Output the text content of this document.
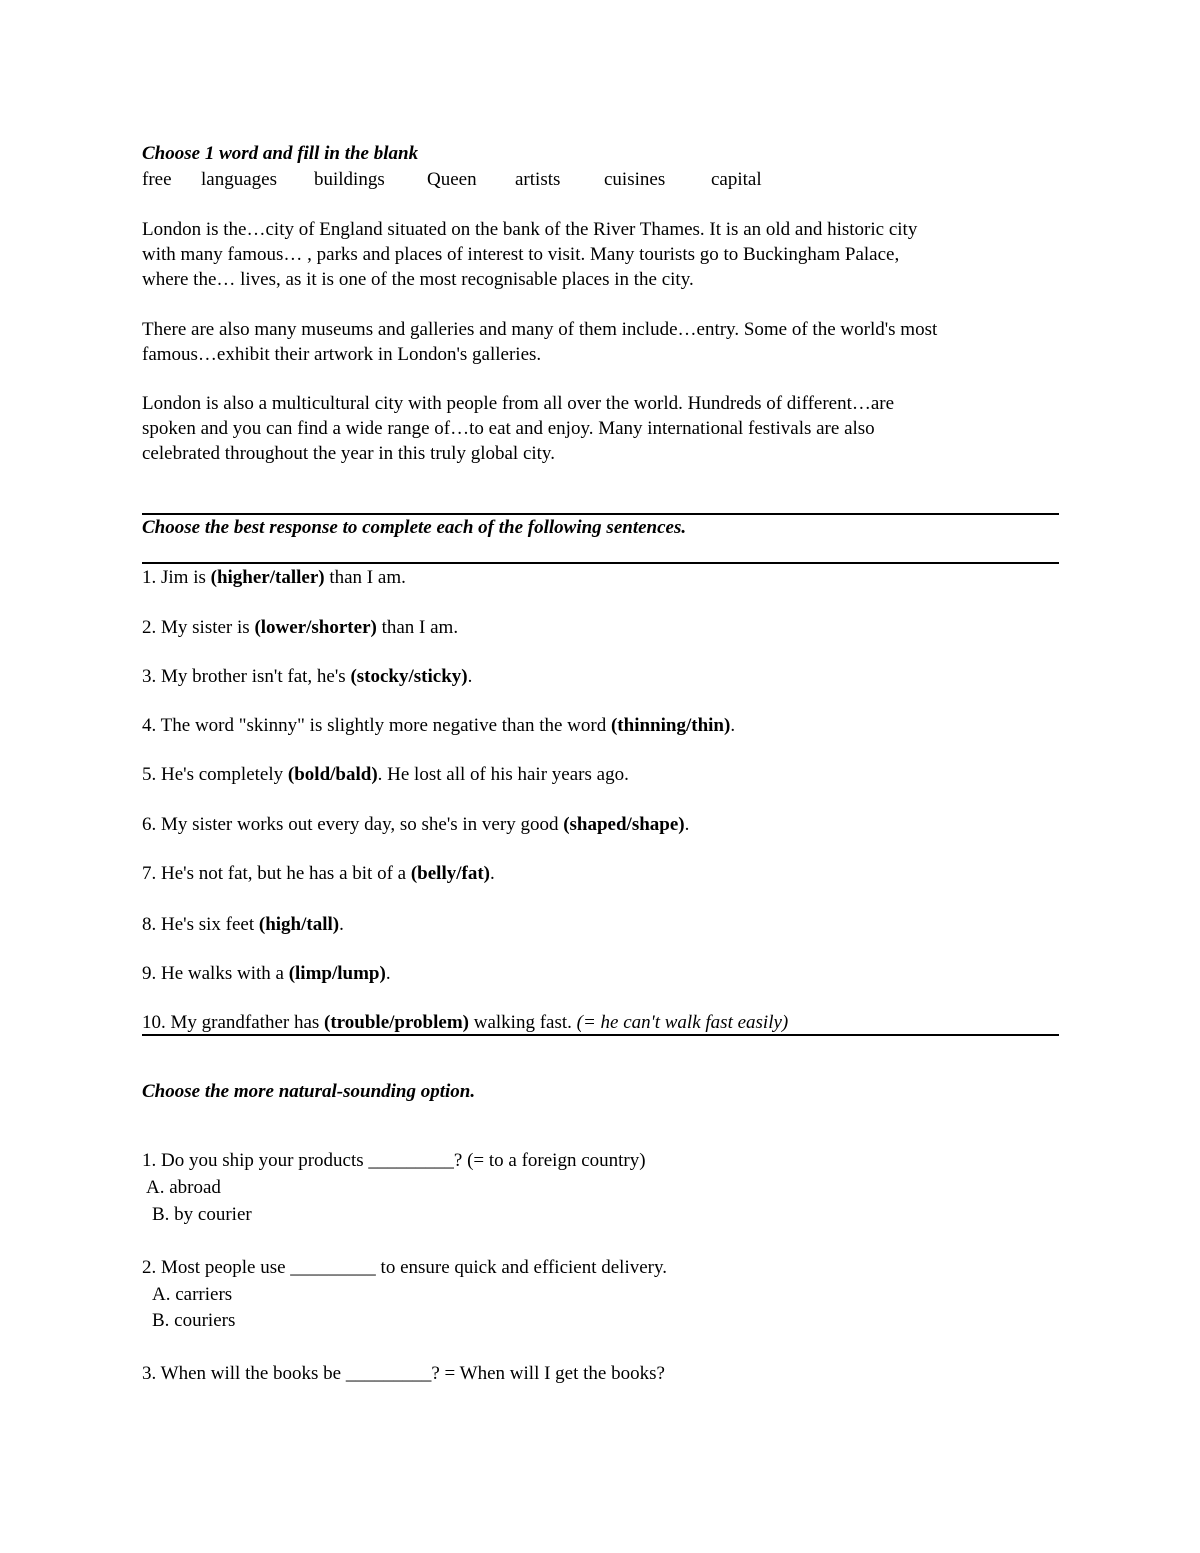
Choose 1 word and fill in the blank
free languages buildings Queen artists cuisines capital
London is the…city of England situated on the bank of the River Thames. It is an old and historic city
with many famous… , parks and places of interest to visit. Many tourists go to Buckingham Palace,
where the… lives, as it is one of the most recognisable places in the city.
There are also many museums and galleries and many of them include…entry. Some of the world's most
famous…exhibit their artwork in London's galleries.
London is also a multicultural city with people from all over the world. Hundreds of different…are
spoken and you can find a wide range of…to eat and enjoy. Many international festivals are also
celebrated throughout the year in this truly global city.
Choose the best response to complete each of the following sentences.
1. Jim is (higher/taller) than I am.
2. My sister is (lower/shorter) than I am.
3. My brother isn't fat, he's (stocky/sticky).
4. The word "skinny" is slightly more negative than the word (thinning/thin).
5. He's completely (bold/bald). He lost all of his hair years ago.
6. My sister works out every day, so she's in very good (shaped/shape).
7. He's not fat, but he has a bit of a (belly/fat).
8. He's six feet (high/tall).
9. He walks with a (limp/lump).
10. My grandfather has (trouble/problem) walking fast. (= he can't walk fast easily)
Choose the more natural-sounding option.
1. Do you ship your products _________? (= to a foreign country)
A. abroad
B. by courier
2. Most people use _________ to ensure quick and efficient delivery.
A. carriers
B. couriers
3. When will the books be _________? = When will I get the books?
